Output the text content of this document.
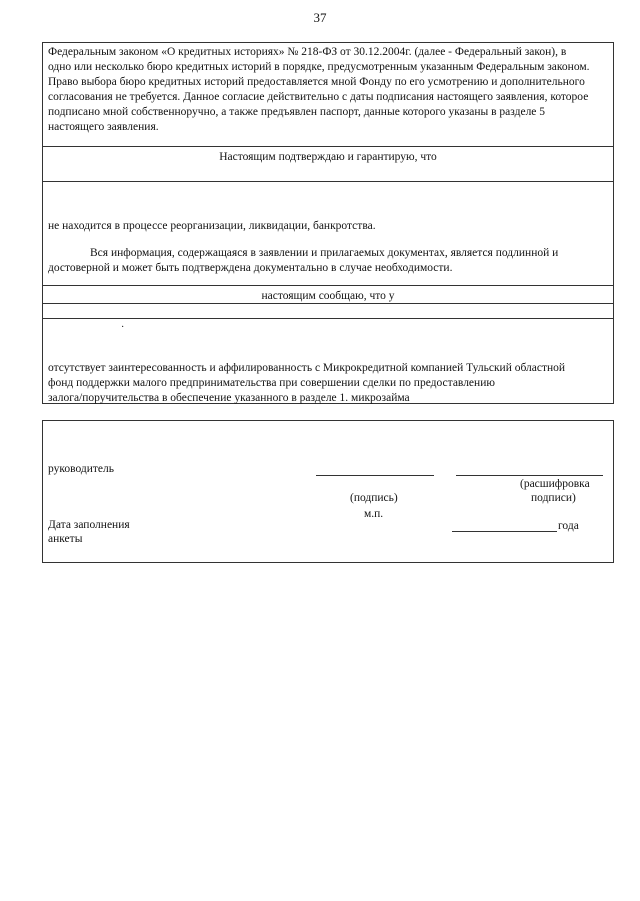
37
Федеральным законом «О кредитных историях» № 218-ФЗ от 30.12.2004г. (далее - Федеральный закон), в
одно или несколько бюро кредитных историй в порядке, предусмотренным указанным Федеральным законом.
Право выбора бюро кредитных историй предоставляется мной Фонду по его усмотрению и дополнительного
согласования не требуется. Данное согласие действительно с даты подписания настоящего заявления, которое
подписано мной собственноручно, а также предъявлен паспорт, данные которого указаны в разделе 5
настоящего заявления.
Настоящим подтверждаю и гарантирую, что
не находится в процессе реорганизации, ликвидации, банкротства.
Вся информация, содержащаяся в заявлении и прилагаемых документах, является подлинной и
достоверной и может быть подтверждена документально в случае необходимости.
настоящим сообщаю, что у
·
отсутствует заинтересованность и аффилированность с Микрокредитной компанией Тульский областной
фонд поддержки малого предпринимательства при совершении сделки по предоставлению
залога/поручительства в обеспечение указанного в разделе 1. микрозайма
руководитель
(расшифровка
подписи)
(подпись)
м.п.
Дата заполнения
анкеты
года
